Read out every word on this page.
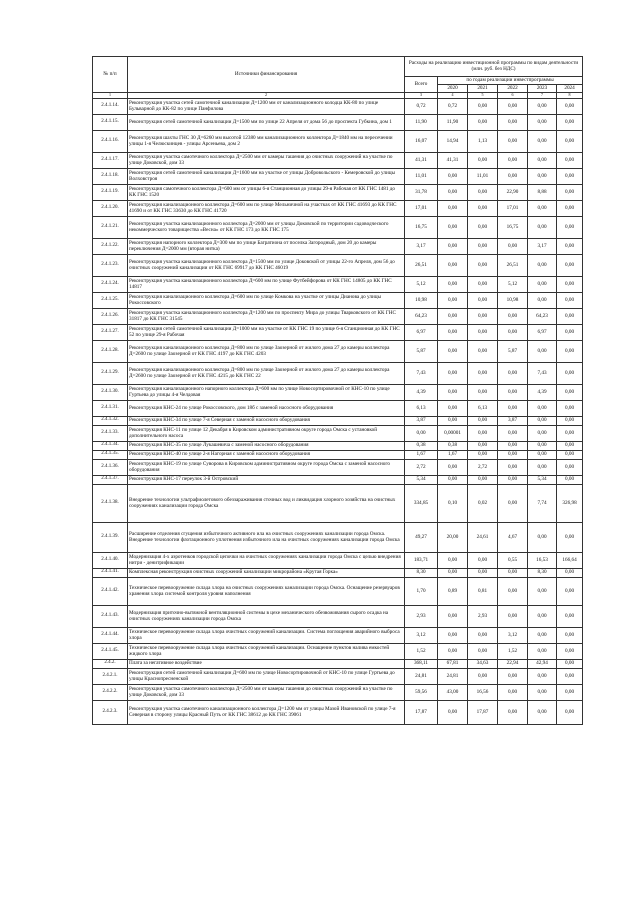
№ п/п	Источники финансирования	Расходы на реализацию инвестиционной программы по видам деятельности (млн. руб. без НДС)					
		Всего	по годам реализации инвестпрограммы				
			2020	2021	2022	2023	2024
1	2	3	4	5	6	7	8
2.4.1.14.	Реконструкция участка сетей самотечной канализации Д=1200 мм от канализационного колодца КК-80 по улице Бульварной до КК-82 по улице Панфилова	0,72	0,72	0,00	0,00	0,00	0,00
2.4.1.15.	Реконструкция сетей самотечной канализации Д=1500 мм по улице 22 Апреля от дома 56 до проспекта Губкина, дом 1	11,90	11,90	0,00	0,00	0,00	0,00
2.4.1.16.	Реконструкция шахты ГНС 30 Д=6260 мм высотой 12380 мм канализационного коллектора Д=1840 мм на пересечении улицы 1-я Челюскинцев - улицы Арсеньева, дом 2	16,07	14,94	1,13	0,00	0,00	0,00
2.4.1.17.	Реконструкция участка самотечного коллектора Д=2500 мм от камеры гашения до очистных сооружений на участке по улице Доковской, дом 33	41,31	41,31	0,00	0,00	0,00	0,00
2.4.1.18.	Реконструкция сетей самотечной канализации Д=1600 мм на участке от улицы Добровольского - Кемеровской до улицы Волховстроя	11,01	0,00	11,01	0,00	0,00	0,00
2.4.1.19.	Реконструкция самотечного коллектора Д=600 мм от улицы 6-я Станционная до улицы 29-я Рабочая от КК ГНС 1481 до КК ГНС 1520	31,78	0,00	0,00	22,90	8,88	0,00
2.4.1.20.	Реконструкция канализационного коллектора Д=600 мм по улице Мельничной на участках от КК ГНС 41693 до КК ГНС 41690 и от КК ГНС 33630 до КК ГНС 41720	17,01	0,00	0,00	17,01	0,00	0,00
2.4.1.21.	Реконструкция участка канализационного коллектора Д=2000 мм от улицы Доковской по территории садоводческого некоммерческого товарищества «Весна» от КК ГНС 173 до КК ГНС 175	16,75	0,00	0,00	16,75	0,00	0,00
2.4.1.22.	Реконструкция напорного коллектора Д=300 мм по улице Багратиона от поселка Загородный, дом 20 до камеры переключения Д=2000 мм (вторая нитка)	3,17	0,00	0,00	0,00	3,17	0,00
2.4.1.23.	Реконструкция участка канализационного коллектора Д=1500 мм по улице Доковской от улицы 22-го Апреля, дом 56 до очистных сооружений канализации от КК ГНС 69917 до КК ГНС 46019	26,51	0,00	0,00	26,51	0,00	0,00
2.4.1.24.	Реконструкция участка канализационного коллектора Д=600 мм по улице Футбейфорова от КК ГНС 14805 до КК ГНС 14817	5,12	0,00	0,00	5,12	0,00	0,00
2.4.1.25.	Реконструкция канализационного коллектора Д=600 мм по улице Комкова на участке от улицы Дианова до улицы Рокоссовского	10,98	0,00	0,00	10,98	0,00	0,00
2.4.1.26.	Реконструкция участка канализационного коллектора Д=1200 мм по проспекту Мира до улицы Тварковского от КК ГНС 31817 до КК ГНС 31545	64,23	0,00	0,00	0,00	64,23	0,00
2.4.1.27.	Реконструкция сетей самотечной канализации Д=1000 мм на участке от КК ГНС 19 по улице 6-я Станционная до КК ГНС 52 по улице 29-я Рабочая	6,97	0,00	0,00	0,00	6,97	0,00
2.4.1.28.	Реконструкция канализационного коллектора Д=800 мм по улице Заозерной от жилого дома 27 до камеры коллектора Д=2600 по улице Заозерной от КК ГНС 4197 до КК ГНС 4203	5,87	0,00	0,00	5,87	0,00	0,00
2.4.1.29.	Реконструкция канализационного коллектора Д=800 мм по улице Заозерной от жилого дома 27 до камеры коллектора Д=2600 по улице Заозерной от КК ГНС 4215 до КК ГНС 22	7,43	0,00	0,00	0,00	7,43	0,00
2.4.1.30.	Реконструкция канализационного напорного коллектора Д=600 мм по улице Новосортировочной от КНС-10 по улице Гуртьева до улицы 4-я Челдовая	4,39	0,00	0,00	0,00	4,39	0,00
2.4.1.31.	Реконструкция КНС-24 по улице Рокоссовского, дом 18б с заменой насосного оборудования	6,13	0,00	6,13	0,00	0,00	0,00
2.4.1.32.	Реконструкция КНС-34 по улице 7-я Северная с заменой насосного оборудования	3,87	0,00	0,00	3,87	0,00	0,00
2.4.1.33.	Реконструкция КНС-11 по улице 12 Декабря в Кировском административном округе города Омска с установкой дополнительного насоса	0,00	0,00001	0,00	0,00	0,00	0,00
2.4.1.34.	Реконструкция КНС-35 по улице Лукашевича с заменой насосного оборудования	0,38	0,38	0,00	0,00	0,00	0,00
2.4.1.35.	Реконструкция КНС-40 по улице 2-я Нагорная с заменой насосного оборудования	1,67	1,67	0,00	0,00	0,00	0,00
2.4.1.36.	Реконструкция КНС-19 по улице Суворова в Кировском административном округе города Омска с заменой насосного оборудования	2,72	0,00	2,72	0,00	0,00	0,00
2.4.1.37.	Реконструкция КНС-17 переулок 3-й Островский	5,34	0,00	0,00	0,00	5,34	0,00
2.4.1.38.	Внедрение технологии ультрафиолетового обеззараживания сточных вод и ликвидация хлорного хозяйства на очистных сооружениях канализации города Омска	334,85	0,10	0,02	0,00	7,74	326,98
2.4.1.39.	Расширение отделения сгущения избыточного активного ила на очистных сооружениях канализации города Омска. Внедрение технологии флотационного уплотнения избыточного ила на очистных сооружениях канализации города Омска	49,27	20,00	24,61	4,67	0,00	0,00
2.4.1.40.	Модернизация 4-х аэротенков городской цепочки на очистных сооружениях канализации города Омска с целью внедрения нитри - денитрификации	183,71	0,00	0,00	0,55	16,53	166,64
2.4.1.41.	Комплексная реконструкция очистных сооружений канализации микрорайона «Крутая Горка»	8,30	0,00	0,00	0,00	8,30	0,00
2.4.1.42.	Техническое перевооружение склада хлора на очистных сооружениях канализации города Омска. Оснащение резервуаров хранения хлора системой контроля уровня наполнения	1,70	0,89	0,81	0,00	0,00	0,00
2.4.1.43.	Модернизация приточно-вытяжной вентиляционной системы в цехе механического обезвоживания сырого осадка на очистных сооружениях канализации города Омска	2,93	0,00	2,93	0,00	0,00	0,00
2.4.1.44.	Техническое перевооружение склада хлора очистных сооружений канализации. Система поглощения аварийного выброса хлора	3,12	0,00	0,00	3,12	0,00	0,00
2.4.1.45.	Техническое перевооружение склада хлора очистных сооружений канализации. Оснащение пунктов налива емкостей жидкого хлора	1,52	0,00	0,00	1,52	0,00	0,00
2.4.2.	Плата за негативное воздействие	368,11	67,81	34,63	22,94	42,94	0,00
2.4.2.1.	Реконструкция сетей самотечной канализации Д=600 мм по улице Новосортировочной от КНС-10 по улице Гуртьева до улицы Краснопресненской	24,81	24,81	0,00	0,00	0,00	0,00
2.4.2.2.	Реконструкция участка самотечного коллектора Д=2500 мм от камеры гашения до очистных сооружений на участке по улице Доковской, дом 33	59,56	43,00	16,56	0,00	0,00	0,00
2.4.2.3.	Реконструкция участка самотечного канализационного коллектора Д=1200 мм от улицы Мазой Ивановской по улице 7-я Северная в сторону улицы Красный Путь от КК ГНС 38612 до КК ГНС 39061	17,87	0,00	17,87	0,00	0,00	0,00
